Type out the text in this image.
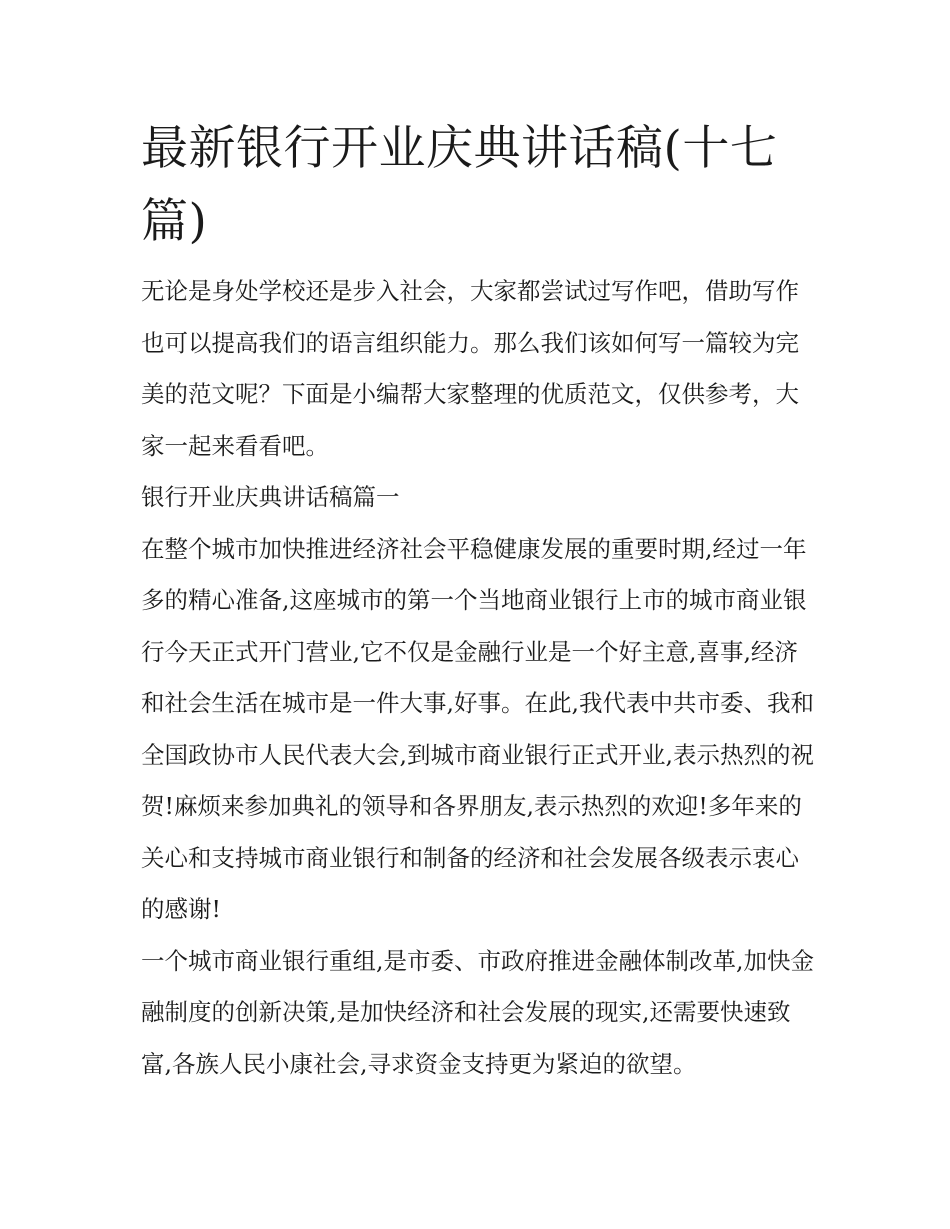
最新银行开业庆典讲话稿(十七篇)

无论是身处学校还是步入社会，大家都尝试过写作吧，借助写作也可以提高我们的语言组织能力。那么我们该如何写一篇较为完美的范文呢？下面是小编帮大家整理的优质范文，仅供参考，大家一起来看看吧。

银行开业庆典讲话稿篇一

在整个城市加快推进经济社会平稳健康发展的重要时期,经过一年多的精心准备,这座城市的第一个当地商业银行上市的城市商业银行今天正式开门营业,它不仅是金融行业是一个好主意,喜事,经济和社会生活在城市是一件大事,好事。在此,我代表中共市委、我和全国政协市人民代表大会,到城市商业银行正式开业,表示热烈的祝贺!麻烦来参加典礼的领导和各界朋友,表示热烈的欢迎!多年来的关心和支持城市商业银行和制备的经济和社会发展各级表示衷心的感谢!

一个城市商业银行重组,是市委、市政府推进金融体制改革,加快金融制度的创新决策,是加快经济和社会发展的现实,还需要快速致富,各族人民小康社会,寻求资金支持更为紧迫的欲望。
